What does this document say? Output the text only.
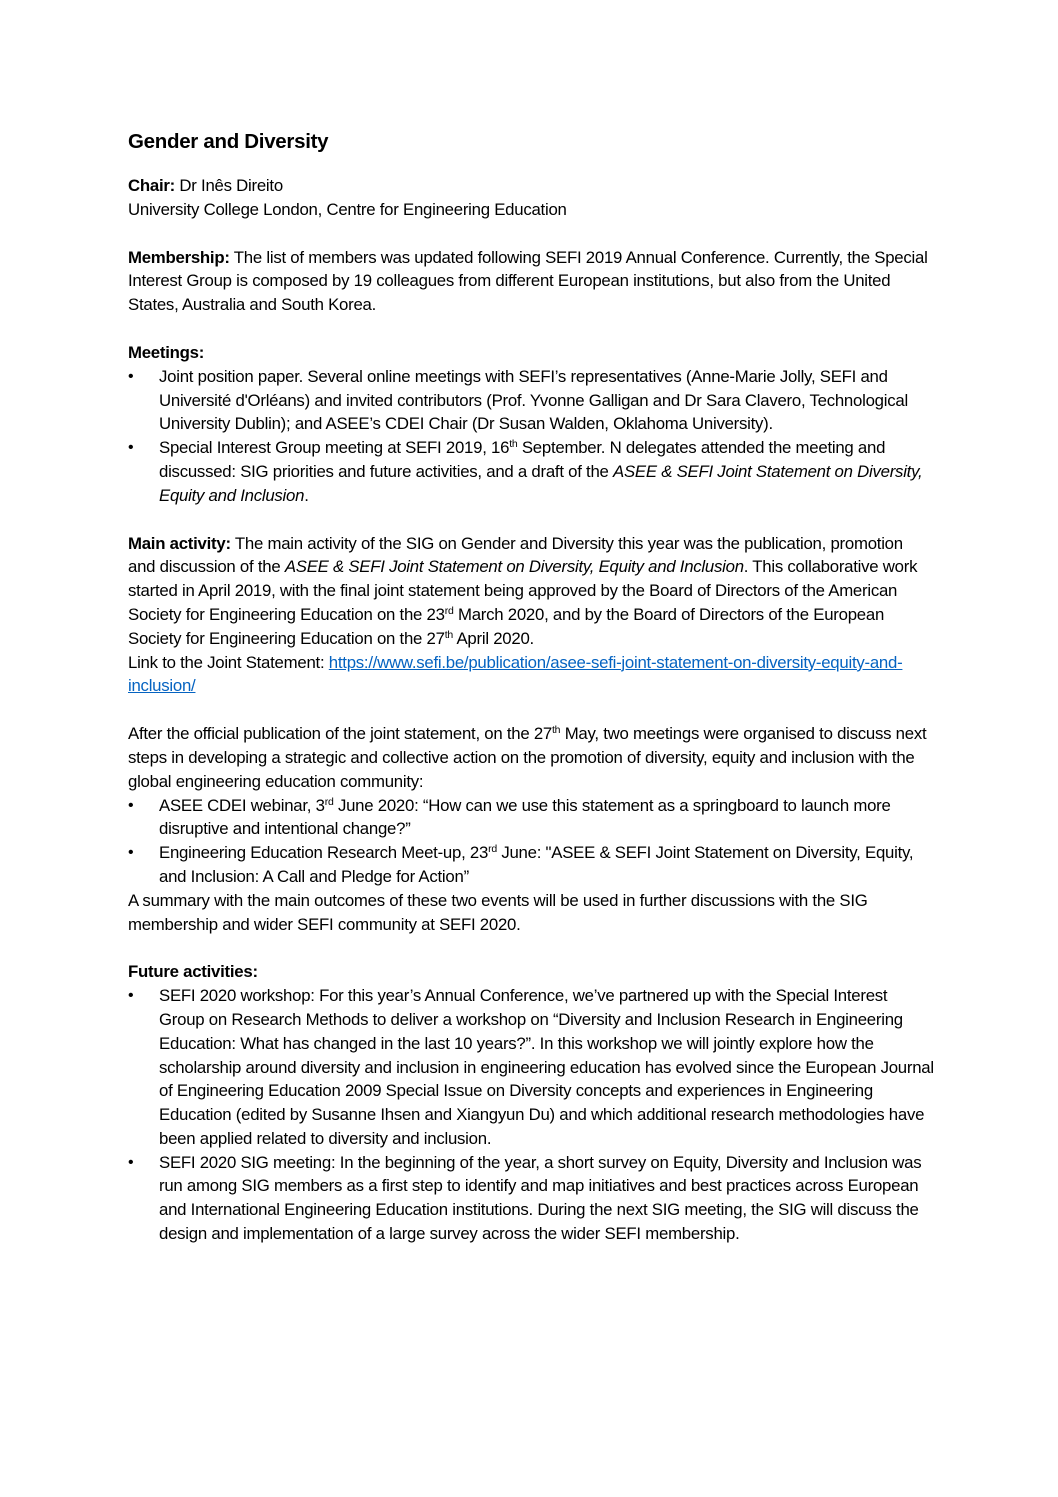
Gender and Diversity

Chair: Dr Inês Direito

University College London, Centre for Engineering Education

Membership: The list of members was updated following SEFI 2019 Annual Conference. Currently, the Special Interest Group is composed by 19 colleagues from different European institutions, but also from the United States, Australia and South Korea.

Meetings:

•	Joint position paper. Several online meetings with SEFI’s representatives (Anne-Marie Jolly, SEFI and Université d'Orléans) and invited contributors (Prof. Yvonne Galligan and Dr Sara Clavero, Technological University Dublin); and ASEE’s CDEI Chair (Dr Susan Walden, Oklahoma University).
•	Special Interest Group meeting at SEFI 2019, 16th September. N delegates attended the meeting and discussed: SIG priorities and future activities, and a draft of the ASEE & SEFI Joint Statement on Diversity, Equity and Inclusion.

Main activity: The main activity of the SIG on Gender and Diversity this year was the publication, promotion and discussion of the ASEE & SEFI Joint Statement on Diversity, Equity and Inclusion. This collaborative work started in April 2019, with the final joint statement being approved by the Board of Directors of the American Society for Engineering Education on the 23rd March 2020, and by the Board of Directors of the European Society for Engineering Education on the 27th April 2020.

Link to the Joint Statement: https://www.sefi.be/publication/asee-sefi-joint-statement-on-diversity-equity-and-inclusion/

After the official publication of the joint statement, on the 27th May, two meetings were organised to discuss next steps in developing a strategic and collective action on the promotion of diversity, equity and inclusion with the global engineering education community:

•	ASEE CDEI webinar, 3rd June 2020: “How can we use this statement as a springboard to launch more disruptive and intentional change?”
•	Engineering Education Research Meet-up, 23rd June: "ASEE & SEFI Joint Statement on Diversity, Equity, and Inclusion: A Call and Pledge for Action”

A summary with the main outcomes of these two events will be used in further discussions with the SIG membership and wider SEFI community at SEFI 2020.

Future activities:

•	SEFI 2020 workshop: For this year’s Annual Conference, we’ve partnered up with the Special Interest Group on Research Methods to deliver a workshop on “Diversity and Inclusion Research in Engineering Education: What has changed in the last 10 years?”. In this workshop we will jointly explore how the scholarship around diversity and inclusion in engineering education has evolved since the European Journal of Engineering Education 2009 Special Issue on Diversity concepts and experiences in Engineering Education (edited by Susanne Ihsen and Xiangyun Du) and which additional research methodologies have been applied related to diversity and inclusion.
•	SEFI 2020 SIG meeting: In the beginning of the year, a short survey on Equity, Diversity and Inclusion was run among SIG members as a first step to identify and map initiatives and best practices across European and International Engineering Education institutions. During the next SIG meeting, the SIG will discuss the design and implementation of a large survey across the wider SEFI membership.
